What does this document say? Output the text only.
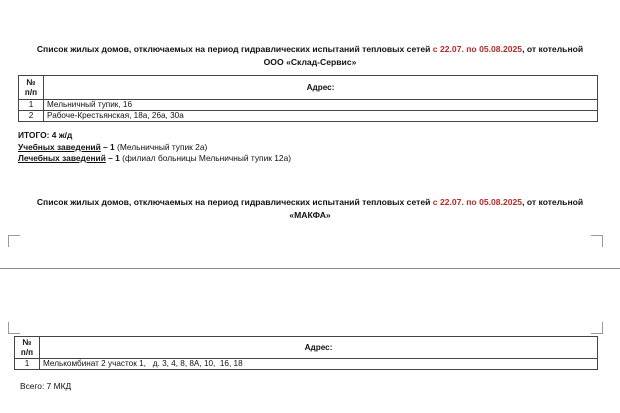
Список жилых домов, отключаемых на период гидравлических испытаний тепловых сетей с 22.07. по 05.08.2025, от котельной ООО «Склад-Сервис»
№ п/п	Адрес:
1	Мельничный тупик, 16
2	Рабоче-Крестьянская, 18а, 26а, 30а
ИТОГО: 4 ж/д
Учебных заведений – 1 (Мельничный тупик 2а)
Лечебных заведений – 1 (филиал больницы Мельничный тупик 12а)
Список жилых домов, отключаемых на период гидравлических испытаний тепловых сетей с 22.07. по 05.08.2025, от котельной «МАКФА»
№ п/п	Адрес:
1	Мелькомбинат 2 участок 1,   д. 3, 4, 8, 8А, 10,  16, 18
Всего: 7 МКД
